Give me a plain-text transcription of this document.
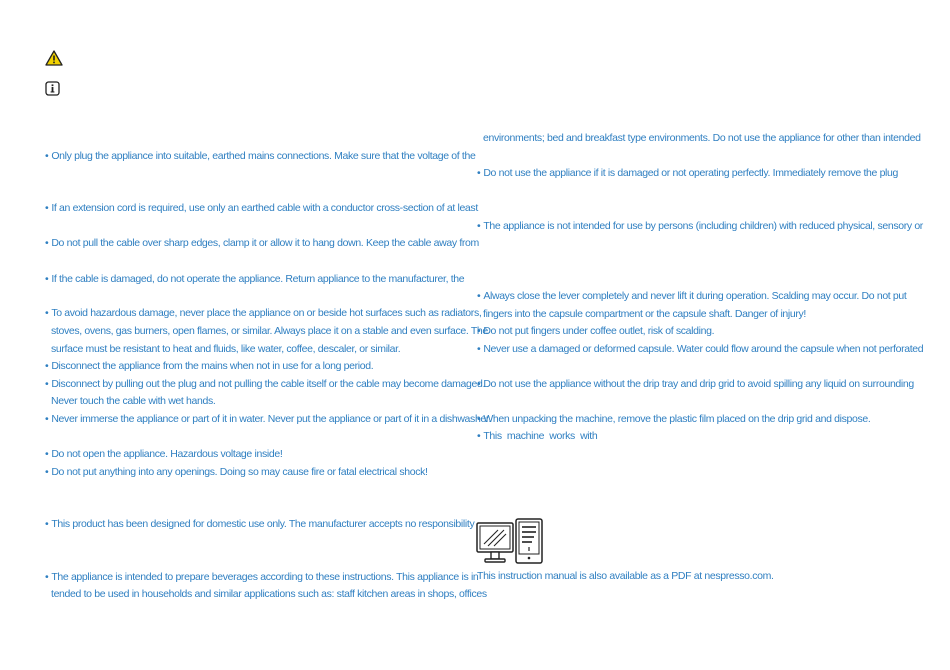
• Only plug the appliance into suitable, earthed mains connections. Make sure that the voltage of the
• If an extension cord is required, use only an earthed cable with a conductor cross-section of at least
• Do not pull the cable over sharp edges, clamp it or allow it to hang down. Keep the cable away from
• If the cable is damaged, do not operate the appliance. Return appliance to the manufacturer, the
• To avoid hazardous damage, never place the appliance on or beside hot surfaces such as radiators,
stoves, ovens, gas burners, open flames, or similar. Always place it on a stable and even surface. The
surface must be resistant to heat and fluids, like water, coffee, descaler, or similar.
• Disconnect the appliance from the mains when not in use for a long period.
• Disconnect by pulling out the plug and not pulling the cable itself or the cable may become damaged.
Never touch the cable with wet hands.
• Never immerse the appliance or part of it in water. Never put the appliance or part of it in a dishwasher.
• Do not open the appliance. Hazardous voltage inside!
• Do not put anything into any openings. Doing so may cause fire or fatal electrical shock!
• This product has been designed for domestic use only. The manufacturer accepts no responsibility
• The appliance is intended to prepare beverages according to these instructions. This appliance is in
tended to be used in households and similar applications such as: staff kitchen areas in shops, offices
environments; bed and breakfast type environments. Do not use the appliance for other than intended
• Do not use the appliance if it is damaged or not operating perfectly. Immediately remove the plug
• The appliance is not intended for use by persons (including children) with reduced physical, sensory or
• Always close the lever completely and never lift it during operation. Scalding may occur. Do not put
fingers into the capsule compartment or the capsule shaft. Danger of injury!
• Do not put fingers under coffee outlet, risk of scalding.
• Never use a damaged or deformed capsule. Water could flow around the capsule when not perforated
• Do not use the appliance without the drip tray and drip grid to avoid spilling any liquid on surrounding
• When unpacking the machine, remove the plastic film placed on the drip grid and dispose.
• This  machine  works  with
This instruction manual is also available as a PDF at nespresso.com.
